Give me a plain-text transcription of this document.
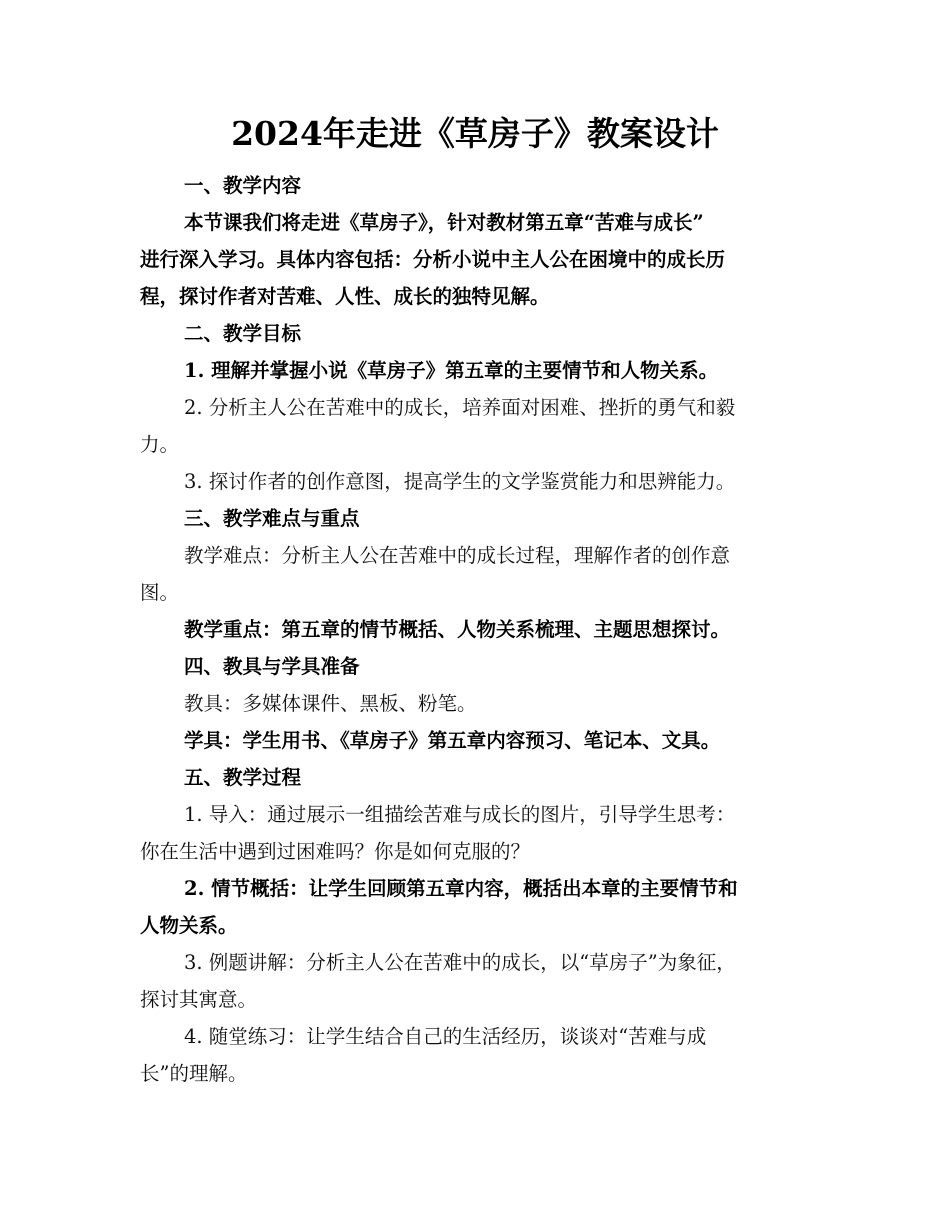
2024年走进《草房子》教案设计
一、教学内容
本节课我们将走进《草房子》，针对教材第五章“苦难与成长”
进行深入学习。具体内容包括：分析小说中主人公在困境中的成长历
程，探讨作者对苦难、人性、成长的独特见解。
二、教学目标
1. 理解并掌握小说《草房子》第五章的主要情节和人物关系。
2. 分析主人公在苦难中的成长，培养面对困难、挫折的勇气和毅
力。
3. 探讨作者的创作意图，提高学生的文学鉴赏能力和思辨能力。
三、教学难点与重点
教学难点：分析主人公在苦难中的成长过程，理解作者的创作意
图。
教学重点：第五章的情节概括、人物关系梳理、主题思想探讨。
四、教具与学具准备
教具：多媒体课件、黑板、粉笔。
学具：学生用书、《草房子》第五章内容预习、笔记本、文具。
五、教学过程
1. 导入：通过展示一组描绘苦难与成长的图片，引导学生思考：
你在生活中遇到过困难吗？你是如何克服的？
2. 情节概括：让学生回顾第五章内容，概括出本章的主要情节和
人物关系。
3. 例题讲解：分析主人公在苦难中的成长，以“草房子”为象征，
探讨其寓意。
4. 随堂练习：让学生结合自己的生活经历，谈谈对“苦难与成
长”的理解。
